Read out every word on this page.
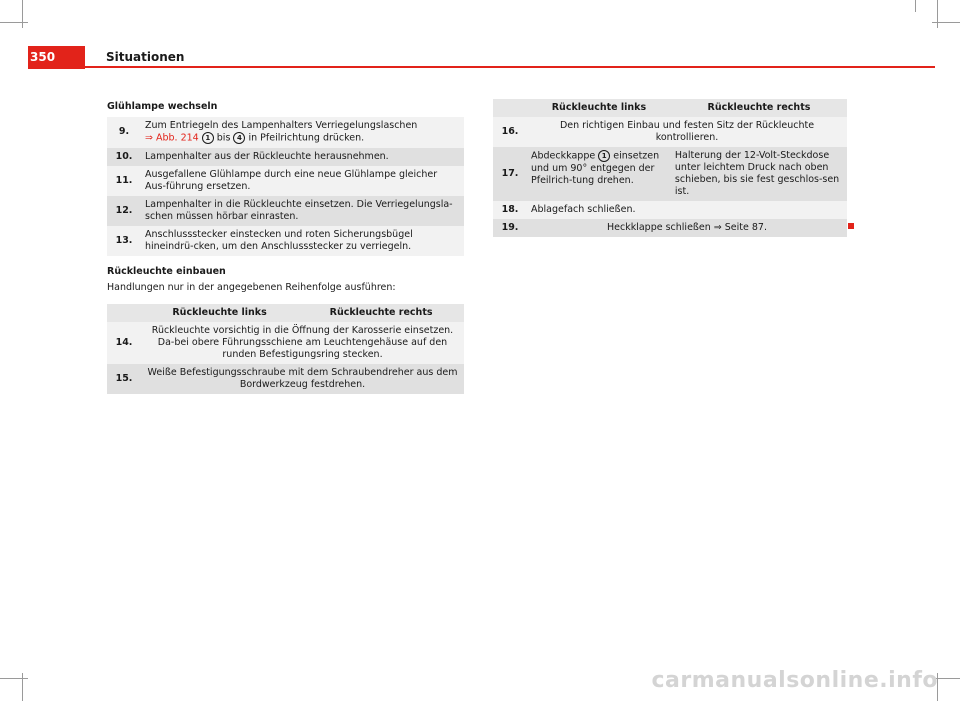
350	Situationen
Glühlampe wechseln
9.	Zum Entriegeln des Lampenhalters Verriegelungslaschen
⇒ Abb. 214 1 bis 4 in Pfeilrichtung drücken.
10.	Lampenhalter aus der Rückleuchte herausnehmen.
11.	Ausgefallene Glühlampe durch eine neue Glühlampe gleicher Aus-führung ersetzen.
12.	Lampenhalter in die Rückleuchte einsetzen. Die Verriegelungsla-schen müssen hörbar einrasten.
13.	Anschlussstecker einstecken und roten Sicherungsbügel hineindrü-cken, um den Anschlussstecker zu verriegeln.
Rückleuchte einbauen
Handlungen nur in der angegebenen Reihenfolge ausführen:
	Rückleuchte links	Rückleuchte rechts
14.	Rückleuchte vorsichtig in die Öffnung der Karosserie einsetzen. Da-bei obere Führungsschiene am Leuchtengehäuse auf den runden Befestigungsring stecken.	
15.	Weiße Befestigungsschraube mit dem Schraubendreher aus dem Bordwerkzeug festdrehen.	
	Rückleuchte links	Rückleuchte rechts
16.	Den richtigen Einbau und festen Sitz der Rückleuchte kontrollieren.	
17.	Abdeckkappe 1 einsetzen und um 90° entgegen der Pfeilrich-tung drehen.	Halterung der 12-Volt-Steckdose unter leichtem Druck nach oben schieben, bis sie fest geschlos-sen ist.
18.	Ablagefach schließen.	
19.	Heckklappe schließen ⇒ Seite 87.	
carmanualsonline.info
